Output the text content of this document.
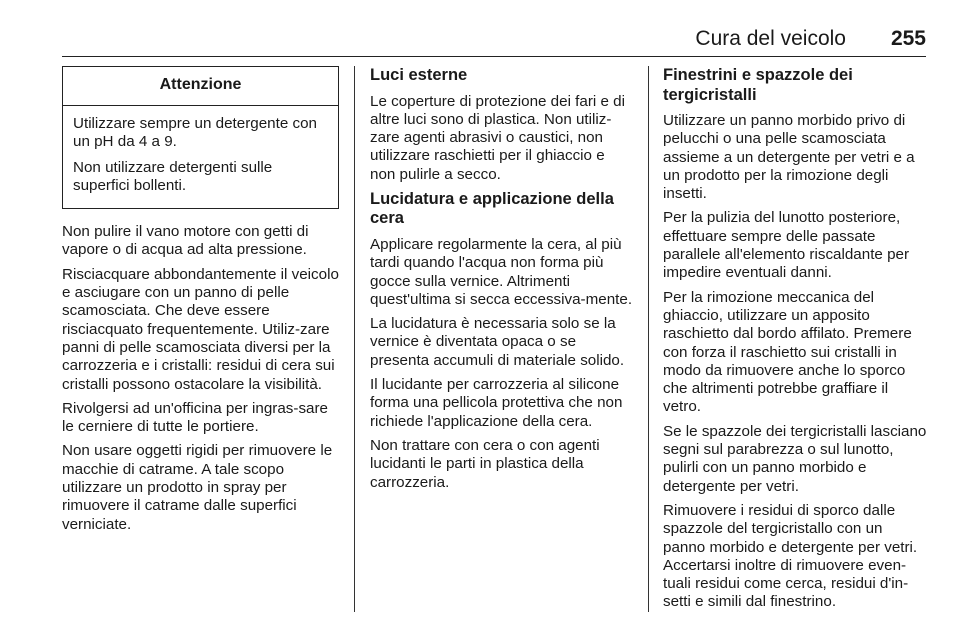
Cura del veicolo 255
Attenzione

Utilizzare sempre un detergente con un pH da 4 a 9.

Non utilizzare detergenti sulle superfici bollenti.

Non pulire il vano motore con getti di vapore o di acqua ad alta pressione.

Risciacquare abbondantemente il veicolo e asciugare con un panno di pelle scamosciata. Che deve essere risciacquato frequentemente. Utiliz-zare panni di pelle scamosciata diversi per la carrozzeria e i cristalli: residui di cera sui cristalli possono ostacolare la visibilità.

Rivolgersi ad un'officina per ingras-sare le cerniere di tutte le portiere.

Non usare oggetti rigidi per rimuovere le macchie di catrame. A tale scopo utilizzare un prodotto in spray per rimuovere il catrame dalle superfici verniciate.

Luci esterne

Le coperture di protezione dei fari e di altre luci sono di plastica. Non utiliz-zare agenti abrasivi o caustici, non utilizzare raschietti per il ghiaccio e non pulirle a secco.

Lucidatura e applicazione della cera

Applicare regolarmente la cera, al più tardi quando l'acqua non forma più gocce sulla vernice. Altrimenti quest'ultima si secca eccessiva-mente.

La lucidatura è necessaria solo se la vernice è diventata opaca o se presenta accumuli di materiale solido.

Il lucidante per carrozzeria al silicone forma una pellicola protettiva che non richiede l'applicazione della cera.

Non trattare con cera o con agenti lucidanti le parti in plastica della carrozzeria.

Finestrini e spazzole dei tergicristalli

Utilizzare un panno morbido privo di pelucchi o una pelle scamosciata assieme a un detergente per vetri e a un prodotto per la rimozione degli insetti.

Per la pulizia del lunotto posteriore, effettuare sempre delle passate parallele all'elemento riscaldante per impedire eventuali danni.

Per la rimozione meccanica del ghiaccio, utilizzare un apposito raschietto dal bordo affilato. Premere con forza il raschietto sui cristalli in modo da rimuovere anche lo sporco che altrimenti potrebbe graffiare il vetro.

Se le spazzole dei tergicristalli lasciano segni sul parabrezza o sul lunotto, pulirli con un panno morbido e detergente per vetri.

Rimuovere i residui di sporco dalle spazzole del tergicristallo con un panno morbido e detergente per vetri. Accertarsi inoltre di rimuovere even-tuali residui come cerca, residui d'in-setti e simili dal finestrino.
